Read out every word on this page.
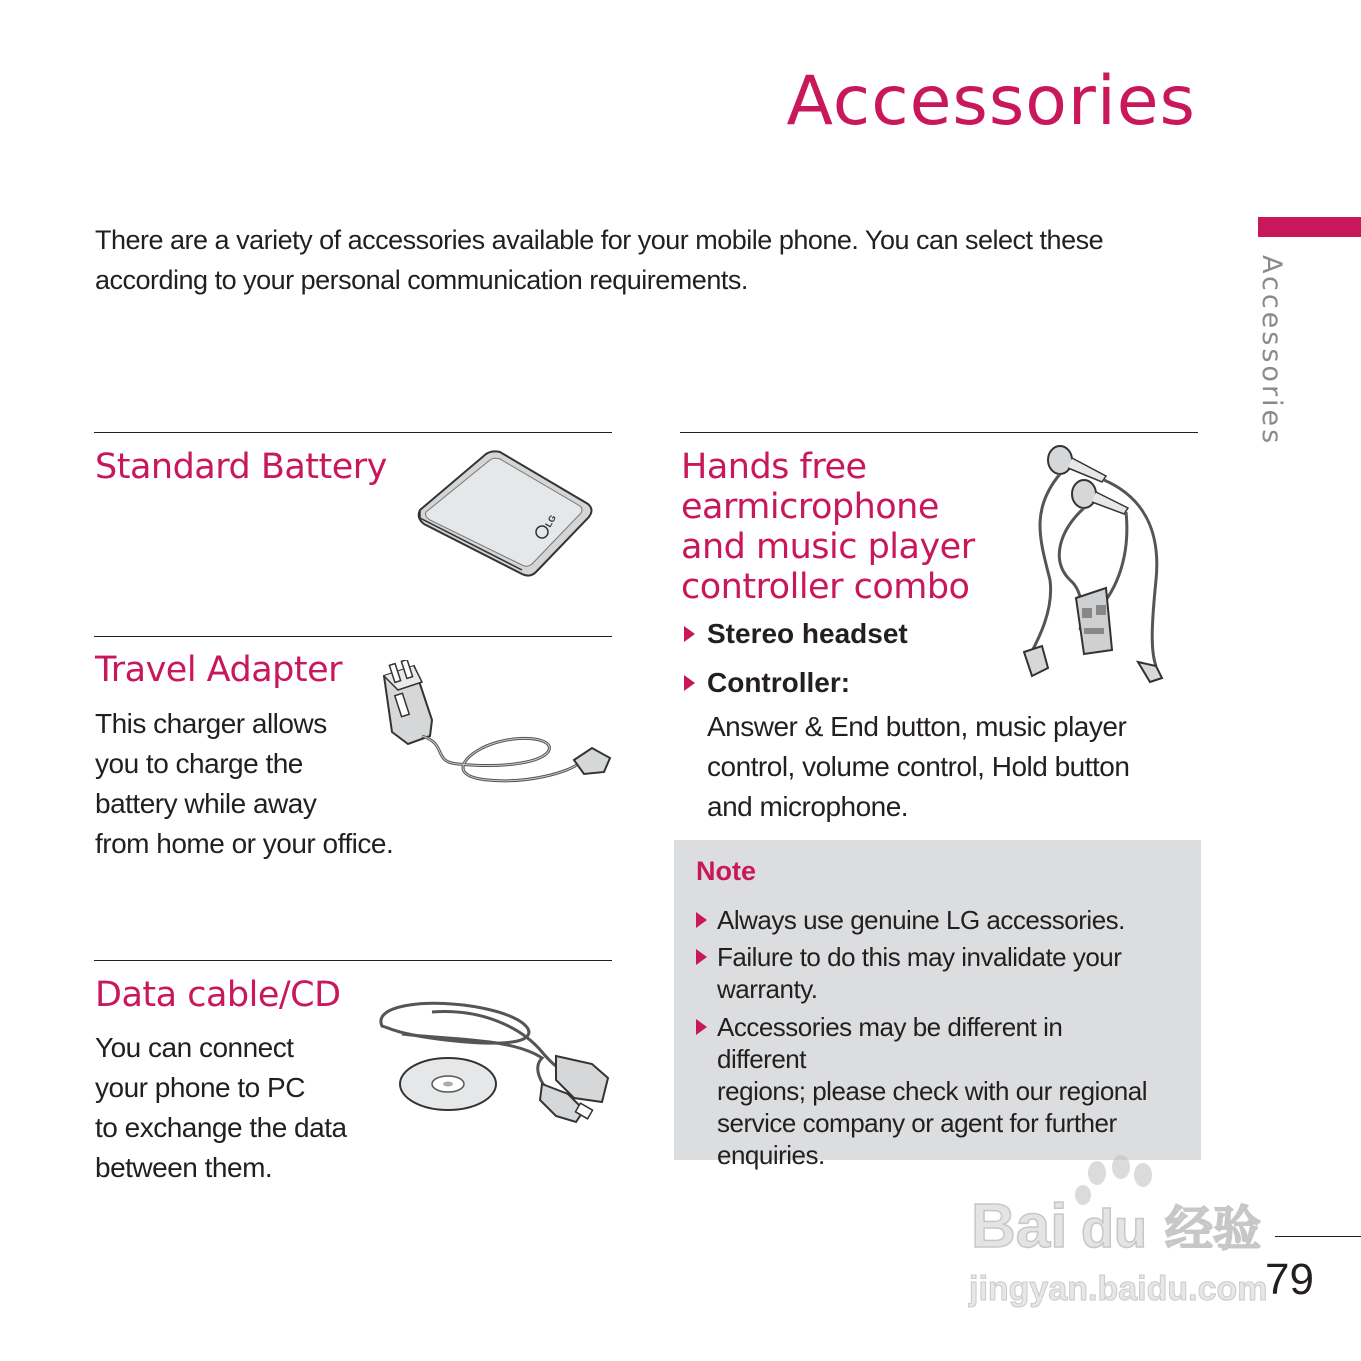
Accessories
There are a variety of accessories available for your mobile phone. You can select these according to your personal communication requirements.	Accessories
Standard Battery
LG
Travel Adapter
This charger allows
you to charge the
battery while away
from home or your office.
Data cable/CD
You can connect
your phone to PC
to exchange the data
between them.
Hands free
earmicrophone
and music player
controller combo
Stereo headset
Controller:
Answer & End button, music player
control, volume control, Hold button
and microphone.
Note
Always use genuine LG accessories.
Failure to do this may invalidate your
warranty.
Accessories may be different in different
regions; please check with our regional
service company or agent for further
enquiries.
Bai du 经验
jingyan.baidu.com
79
